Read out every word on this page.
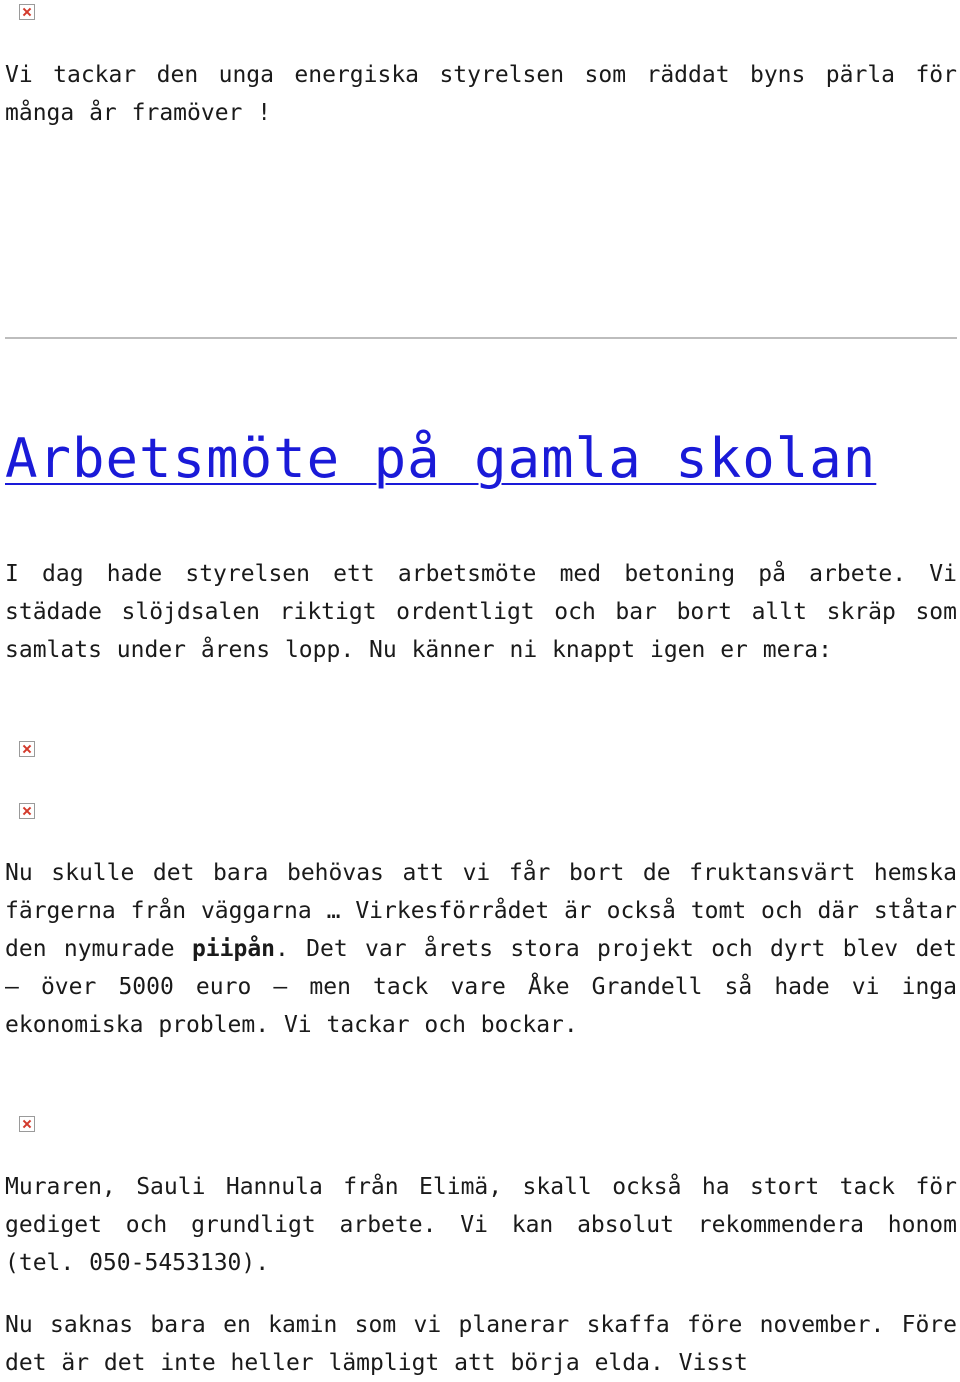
Vi tackar den unga energiska styrelsen som räddat byns pärla för många år framöver !

Arbetsmöte på gamla skolan

I dag hade styrelsen ett arbetsmöte med betoning på arbete. Vi städade slöjdsalen riktigt ordentligt och bar bort allt skräp som samlats under årens lopp. Nu känner ni knappt igen er mera:

Nu skulle det bara behövas att vi får bort de fruktansvärt hemska färgerna från väggarna … Virkesförrådet är också tomt och där ståtar den nymurade piipån. Det var årets stora projekt och dyrt blev det – över 5000 euro – men tack vare Åke Grandell så hade vi inga ekonomiska problem. Vi tackar och bockar.

Muraren, Sauli Hannula från Elimä, skall också ha stort tack för gediget och grundligt arbete. Vi kan absolut rekommendera honom (tel. 050-5453130).

Nu saknas bara en kamin som vi planerar skaffa före november. Före det är det inte heller lämpligt att börja elda. Visst
